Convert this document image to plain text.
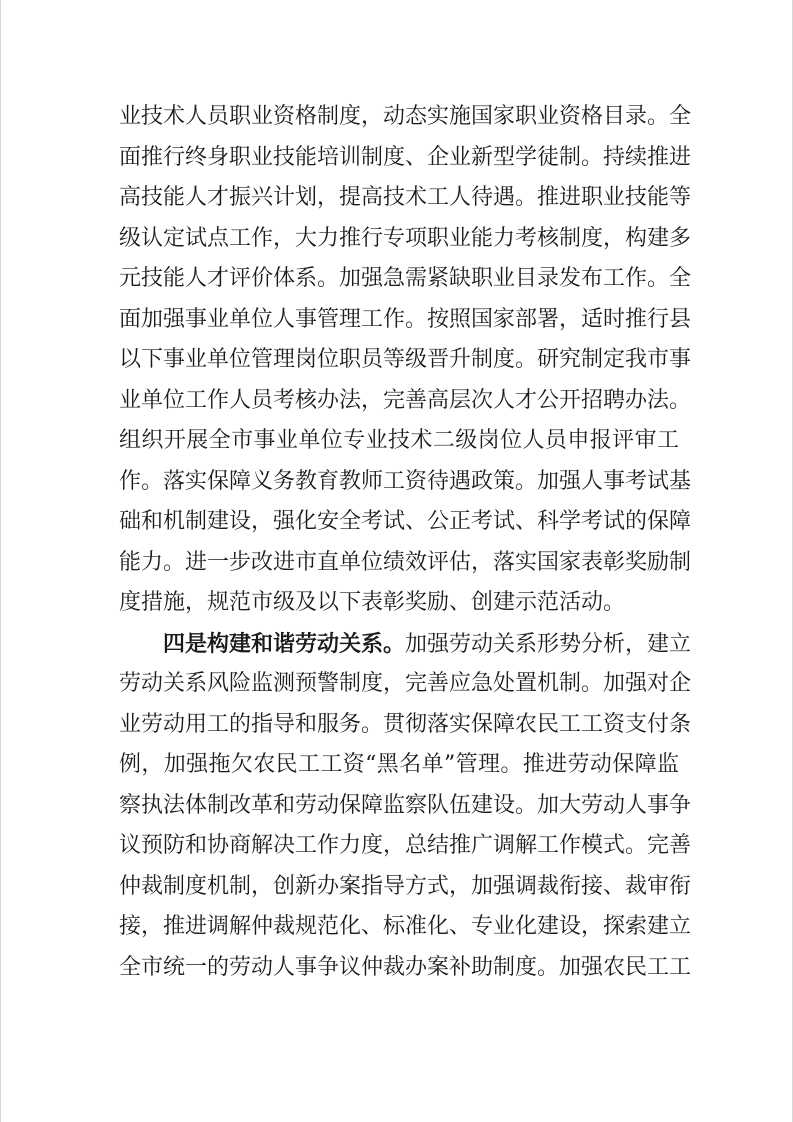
业技术人员职业资格制度，动态实施国家职业资格目录。全
面推行终身职业技能培训制度、企业新型学徒制。持续推进
高技能人才振兴计划，提高技术工人待遇。推进职业技能等
级认定试点工作，大力推行专项职业能力考核制度，构建多
元技能人才评价体系。加强急需紧缺职业目录发布工作。全
面加强事业单位人事管理工作。按照国家部署，适时推行县
以下事业单位管理岗位职员等级晋升制度。研究制定我市事
业单位工作人员考核办法，完善高层次人才公开招聘办法。
组织开展全市事业单位专业技术二级岗位人员申报评审工
作。落实保障义务教育教师工资待遇政策。加强人事考试基
础和机制建设，强化安全考试、公正考试、科学考试的保障
能力。进一步改进市直单位绩效评估，落实国家表彰奖励制
度措施，规范市级及以下表彰奖励、创建示范活动。
四是构建和谐劳动关系。加强劳动关系形势分析，建立
劳动关系风险监测预警制度，完善应急处置机制。加强对企
业劳动用工的指导和服务。贯彻落实保障农民工工资支付条
例，加强拖欠农民工工资“黑名单”管理。推进劳动保障监
察执法体制改革和劳动保障监察队伍建设。加大劳动人事争
议预防和协商解决工作力度，总结推广调解工作模式。完善
仲裁制度机制，创新办案指导方式，加强调裁衔接、裁审衔
接，推进调解仲裁规范化、标准化、专业化建设，探索建立
全市统一的劳动人事争议仲裁办案补助制度。加强农民工工
